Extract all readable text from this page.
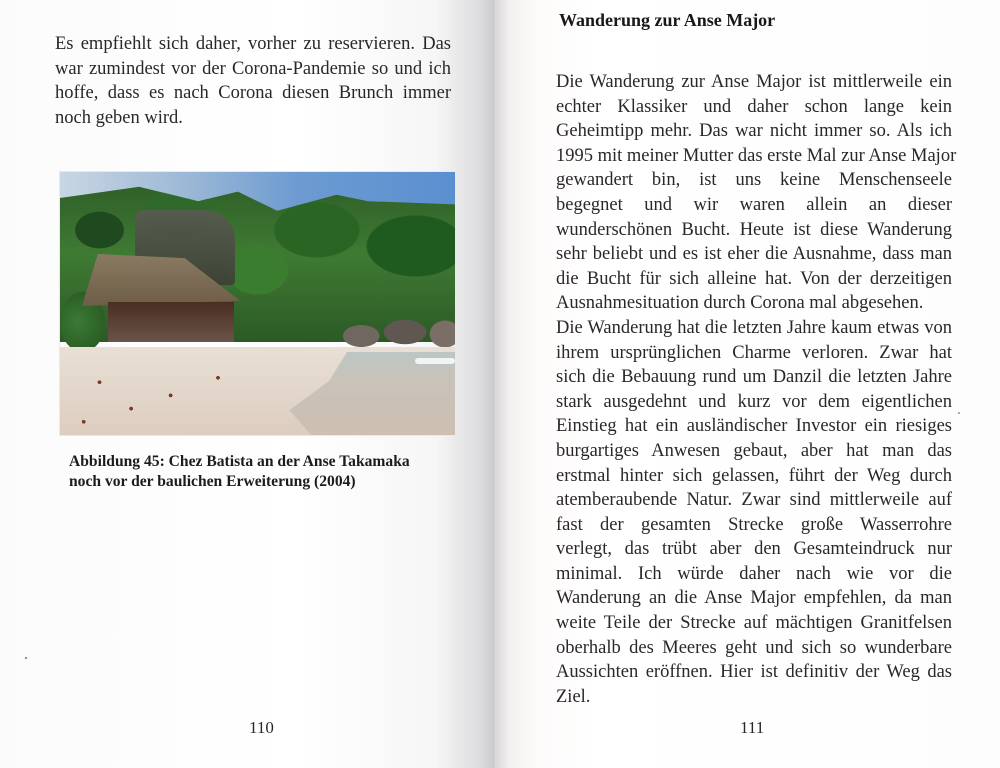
Es empfiehlt sich daher, vorher zu reservieren. Das
war zumindest vor der Corona-Pandemie so und ich
hoffe, dass es nach Corona diesen Brunch immer
noch geben wird.
Abbildung 45: Chez Batista an der Anse Takamaka
noch vor der baulichen Erweiterung (2004)
110
Wanderung zur Anse Major
Die Wanderung zur Anse Major ist mittlerweile ein
echter Klassiker und daher schon lange kein
Geheimtipp mehr. Das war nicht immer so. Als ich
1995 mit meiner Mutter das erste Mal zur Anse Major
gewandert bin, ist uns keine Menschenseele
begegnet und wir waren allein an dieser
wunderschönen Bucht. Heute ist diese Wanderung
sehr beliebt und es ist eher die Ausnahme, dass man
die Bucht für sich alleine hat. Von der derzeitigen
Ausnahmesituation durch Corona mal abgesehen.
Die Wanderung hat die letzten Jahre kaum etwas von
ihrem ursprünglichen Charme verloren. Zwar hat
sich die Bebauung rund um Danzil die letzten Jahre
stark ausgedehnt und kurz vor dem eigentlichen
Einstieg hat ein ausländischer Investor ein riesiges
burgartiges Anwesen gebaut, aber hat man das
erstmal hinter sich gelassen, führt der Weg durch
atemberaubende Natur. Zwar sind mittlerweile auf
fast der gesamten Strecke große Wasserrohre
verlegt, das trübt aber den Gesamteindruck nur
minimal. Ich würde daher nach wie vor die
Wanderung an die Anse Major empfehlen, da man
weite Teile der Strecke auf mächtigen Granitfelsen
oberhalb des Meeres geht und sich so wunderbare
Aussichten eröffnen. Hier ist definitiv der Weg das
Ziel.
111
